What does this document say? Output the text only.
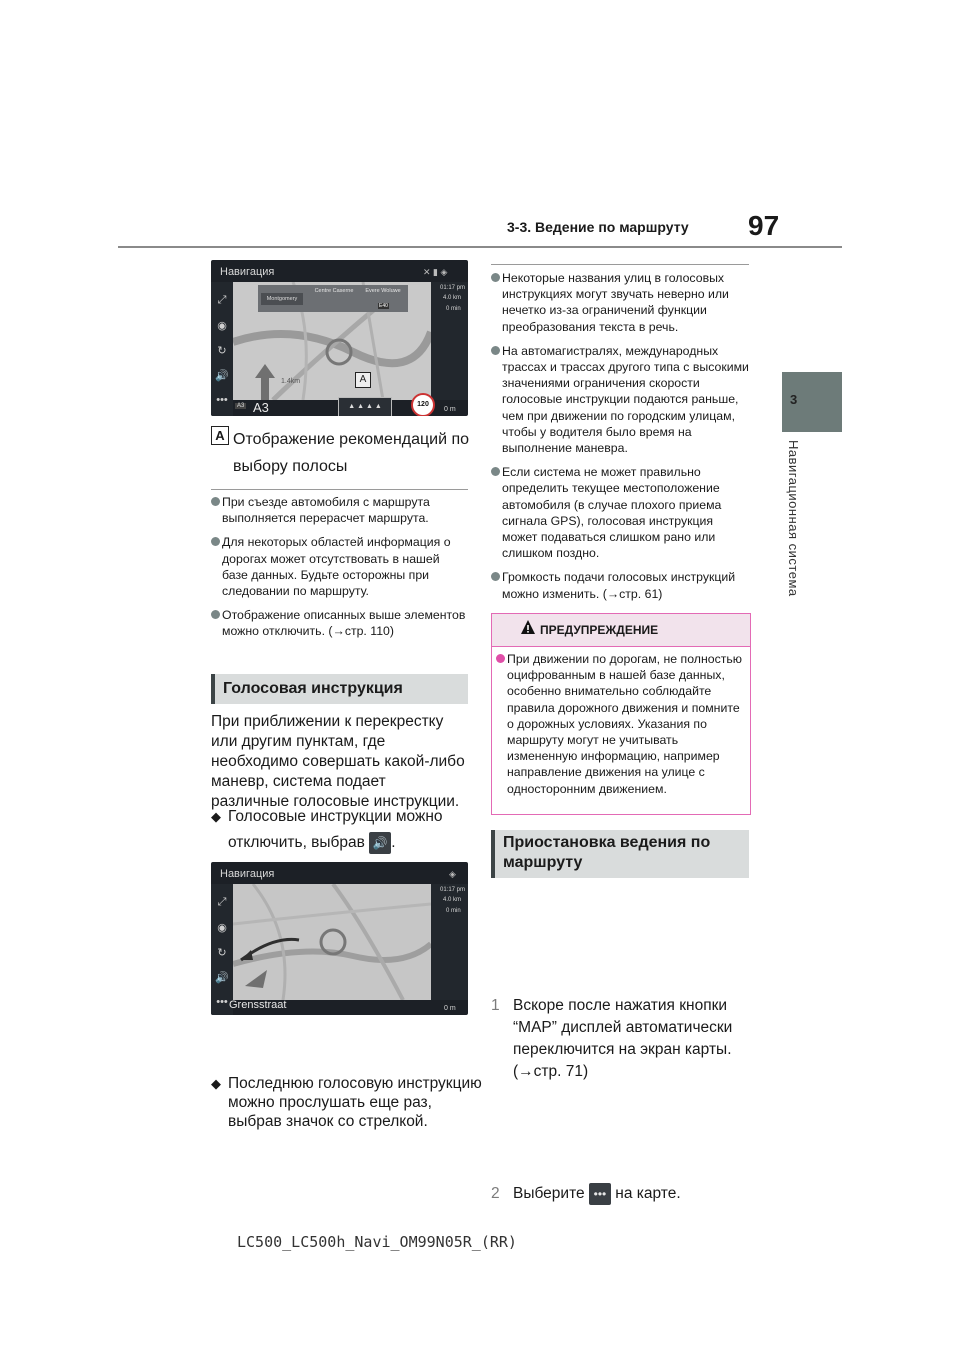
3-3. Ведение по маршруту 97
3
Навигационная система
Навигация	✕ ▮ ◈
⤢
◉
↻
🔊
•••
Montgomery
Centre Caserne	Evere Woluwe
E40
1.4km	A
01:17 pm
4.0 km
0 min
120
0 m
A3 A3	▲ ▲ ▲ ▲
A Отображение рекомендаций по
выбору полосы
При съезде автомобиля с маршрута выполняется перерасчет маршрута.
Для некоторых областей информация о дорогах может отсутствовать в нашей базе данных. Будьте осторожны при следовании по маршруту.
Отображение описанных выше элементов можно отключить. (→стр. 110)
Голосовая инструкция
При приближении к перекрестку или другим пунктам, где необходимо совершать какой-либо маневр, система подает различные голосовые инструкции.
◆ Голосовые инструкции можно отключить, выбрав 🔊 .
Навигация	◈
⤢
◉
↻
🔊
•••
01:17 pm
4.0 km
0 min
0 m
Grensstraat
◆ Последнюю голосовую инструкцию можно прослушать еще раз, выбрав значок со стрелкой.
Некоторые названия улиц в голосовых инструкциях могут звучать неверно или нечетко из-за ограничений функции преобразования текста в речь.
На автомагистралях, международных трассах и трассах другого типа с высокими значениями ограничения скорости голосовые инструкции подаются раньше, чем при движении по городским улицам, чтобы у водителя было время на выполнение маневра.
Если система не может правильно определить текущее местоположение автомобиля (в случае плохого приема сигнала GPS), голосовая инструкция может подаваться слишком рано или слишком поздно.
Громкость подачи голосовых инструкций можно изменить. (→стр. 61)
ПРЕДУПРЕЖДЕНИЕ
При движении по дорогам, не полностью оцифрованным в нашей базе данных, особенно внимательно соблюдайте правила дорожного движения и помните о дорожных условиях. Указания по маршруту могут не учитывать измененную информацию, например направление движения на улице с односторонним движением.
Приостановка ведения по
маршруту
1 Вскоре после нажатия кнопки
“MAP” дисплей автоматически
переключится на экран карты.
(→стр. 71)
2 Выберите ••• на карте.
LC500_LC500h_Navi_OM99N05R_(RR)
